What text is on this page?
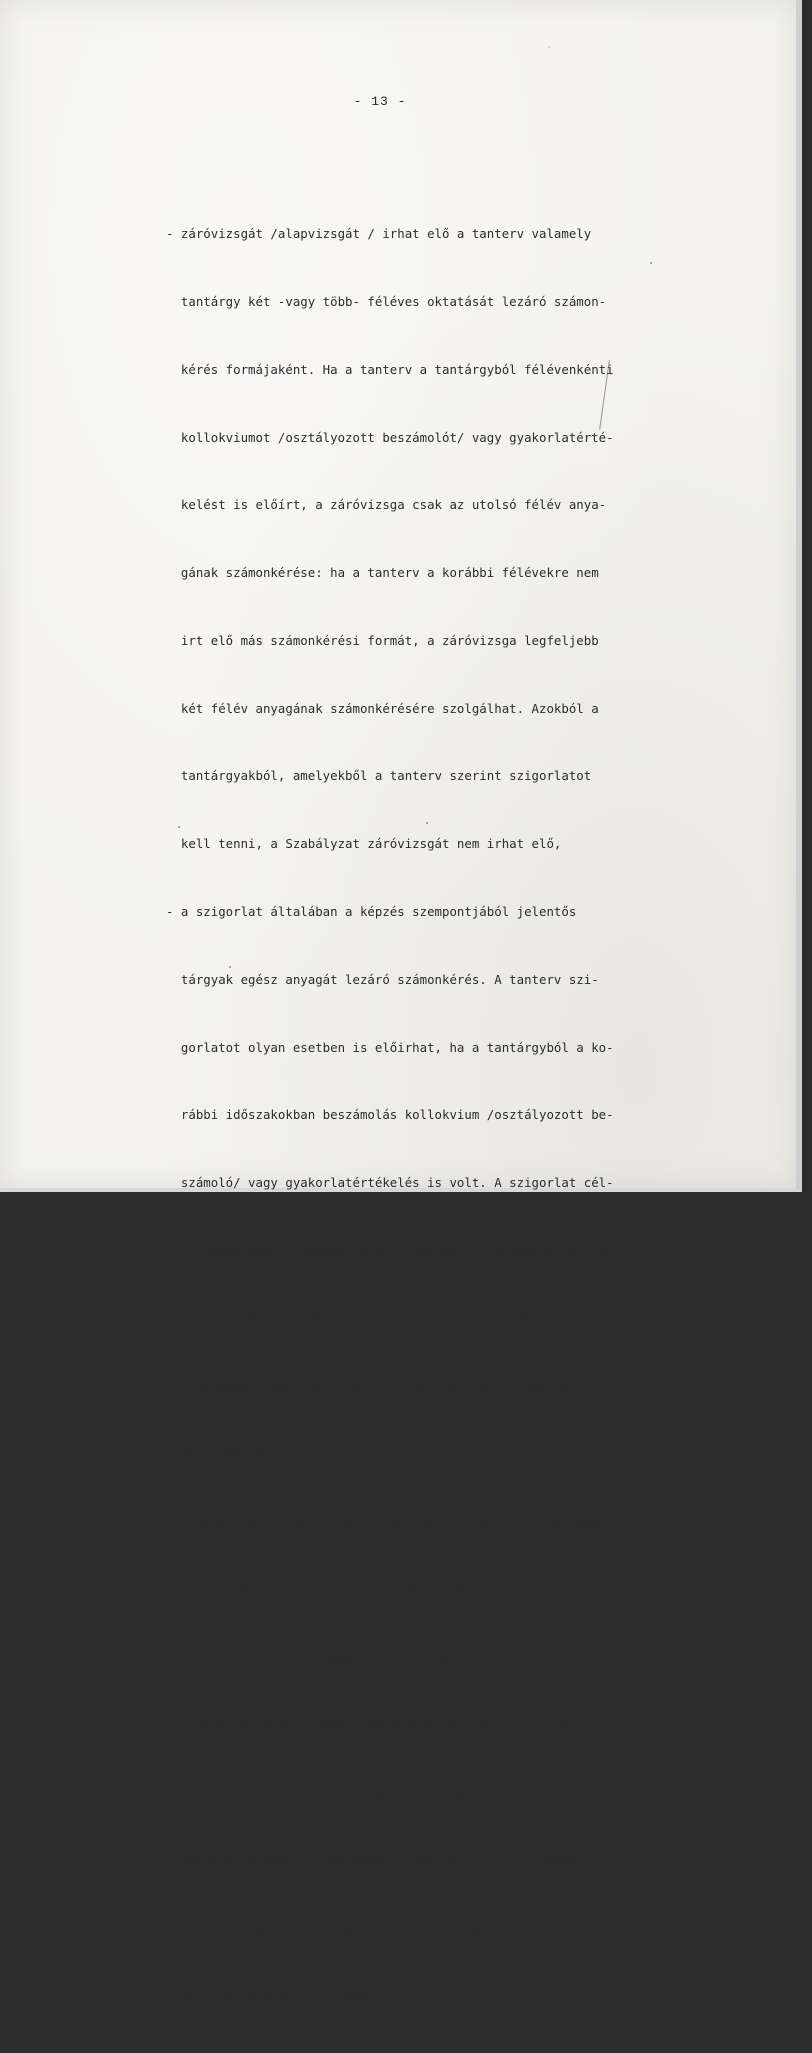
- 13 -

- záróvizsgát /alapvizsgát / irhat elő a tanterv valamely

tantárgy két -vagy több- féléves oktatását lezáró számon-

kérés formájaként. Ha a tanterv a tantárgyból félévenkénti

kollokviumot /osztályozott beszámolót/ vagy gyakorlatérté-

kelést is előírt, a záróvizsga csak az utolsó félév anya-

gának számonkérése: ha a tanterv a korábbi félévekre nem

irt elő más számonkérési formát, a záróvizsga legfeljebb

két félév anyagának számonkérésére szolgálhat. Azokból a

tantárgyakból, amelyekből a tanterv szerint szigorlatot

kell tenni, a Szabályzat záróvizsgát nem irhat elő,

- a szigorlat általában a képzés szempontjából jelentős

tárgyak egész anyagát lezáró számonkérés. A tanterv szi-

gorlatot olyan esetben is előirhat, ha a tantárgyból a ko-

rábbi időszakokban beszámolás kollokvium /osztályozott be-

számoló/ vagy gyakorlatértékelés is volt. A szigorlat cél-

ja annak megállapitása, hogy a hallgató elsajátitotta-e a

tantárgy átfogó ismeretanyagát, ismeri-e azokat az össze-

függéseket, amelyek hivatása gyakorlásához elengedhetetle-

nül szükségesek.

A gyakorlatértékelés, a kollokvium /osztályozott beszámo-

ló/, a záróvizsga és a szigorlat eredményét a 17. pont

szerinti osztályzatokkal kell értékelni.

Azokból a tantárgyakból, amelyekből a tanterv szerint ál-

lamvizsgát kell tenni, szigorlatot nem lehet előirni.

Annak a félévnek az anyagából, amelynek végén a tantárgy-

ból a hallgató szigorlatot tesz, más számonkérést e tan-

tárgyból előirni nem lehet.
